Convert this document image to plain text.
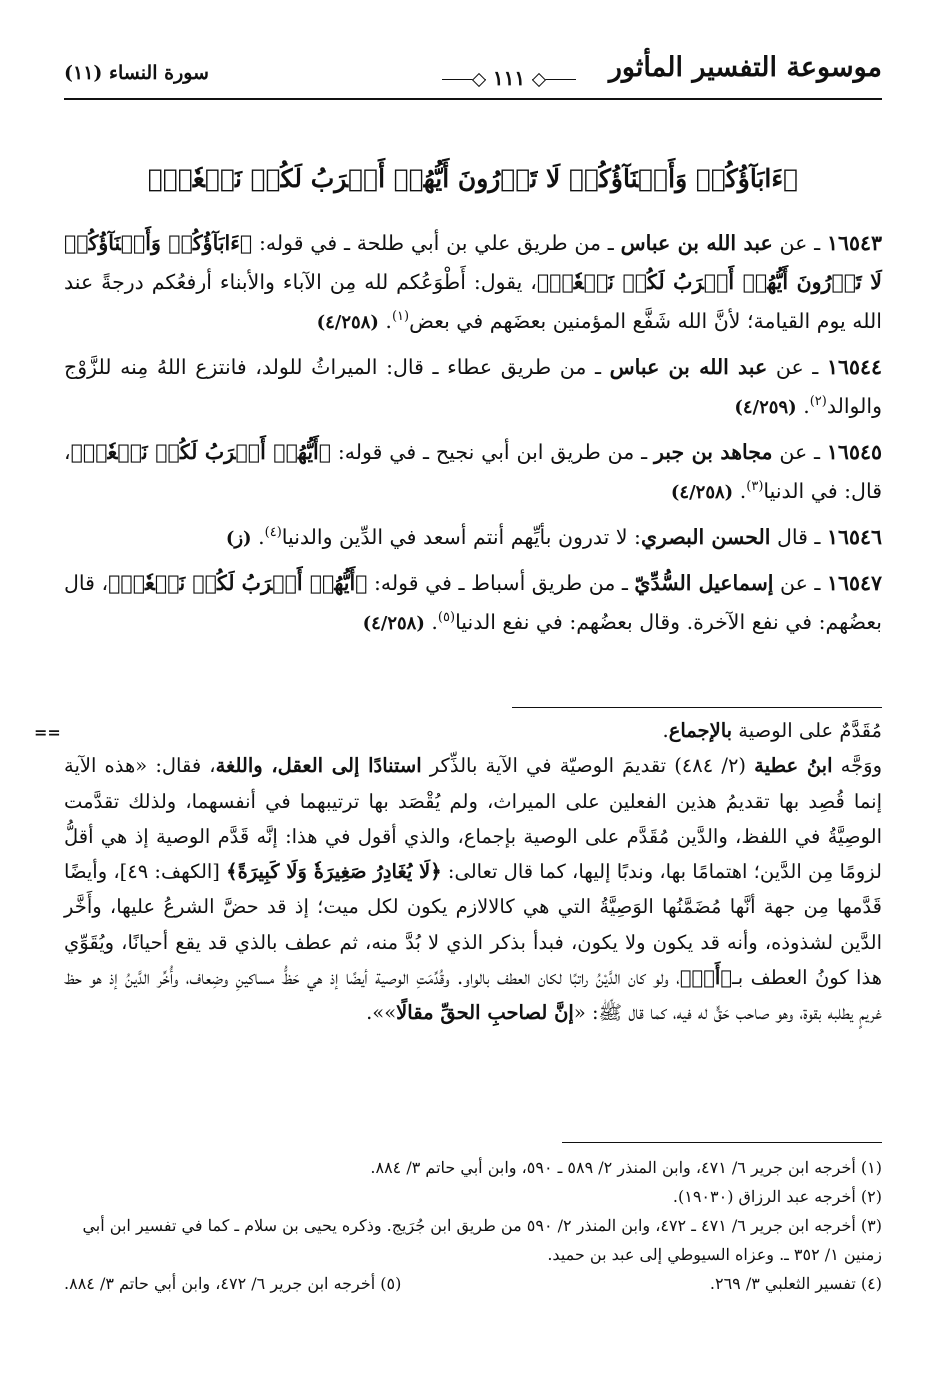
موسوعة التفسير المأثور
١١١
سورة النساء (١١)
﴿ءَابَآؤُكُمۡ وَأَبۡنَآؤُكُمۡ لَا تَدۡرُونَ أَيُّهُمۡ أَقۡرَبُ لَكُمۡ نَفۡعٗاۚ﴾

١٦٥٤٣ ـ عن عبد الله بن عباس ـ من طريق علي بن أبي طلحة ـ في قوله: ﴿ءَابَآؤُكُمۡ وَأَبۡنَآؤُكُمۡ لَا تَدۡرُونَ أَيُّهُمۡ أَقۡرَبُ لَكُمۡ نَفۡعٗاۚ﴾، يقول: أَطْوَعُكم لله مِن الآباء والأبناء أرفعُكم درجةً عند الله يوم القيامة؛ لأنَّ الله شَفَّع المؤمنين بعضَهم في بعض$^{(١)}$. (٤/٢٥٨)

١٦٥٤٤ ـ عن عبد الله بن عباس ـ من طريق عطاء ـ قال: الميراثُ للولد، فانتزع اللهُ مِنه للزَّوْج والوالد$^{(٢)}$. (٤/٢٥٩)

١٦٥٤٥ ـ عن مجاهد بن جبر ـ من طريق ابن أبي نجيح ـ في قوله: ﴿أَيُّهُمۡ أَقۡرَبُ لَكُمۡ نَفۡعٗاۚ﴾، قال: في الدنيا$^{(٣)}$. (٤/٢٥٨)

١٦٥٤٦ ـ قال الحسن البصري: لا تدرون بأيِّهم أنتم أسعد في الدِّين والدنيا$^{(٤)}$. (ز)

١٦٥٤٧ ـ عن إسماعيل السُّدِّيّ ـ من طريق أسباط ـ في قوله: ﴿أَيُّهُمۡ أَقۡرَبُ لَكُمۡ نَفۡعٗاۚ﴾، قال بعضُهم: في نفع الآخرة. وقال بعضُهم: في نفع الدنيا$^{(٥)}$. (٤/٢٥٨)

==	مُقَدَّمٌ على الوصية بالإجماع.

ووَجَّه ابنُ عطية (٢/ ٤٨٤) تقديمَ الوصيّة في الآية بالذِّكر استنادًا إلى العقل، واللغة، فقال: «هذه الآية إنما قُصِد بها تقديمُ هذين الفعلين على الميراث، ولم يُقْصَد بها ترتيبهما في أنفسهما، ولذلك تقدَّمت الوصِيَّةُ في اللفظ، والدَّين مُقَدَّم على الوصية بإجماع، والذي أقول في هذا: إنَّه قَدَّم الوصية إذ هي أقلُّ لزومًا مِن الدَّين؛ اهتمامًا بها، وندبًا إليها، كما قال تعالى: ﴿لَا يُغَادِرُ صَغِيرَةٗ وَلَا كَبِيرَةً﴾ [الكهف: ٤٩]، وأيضًا قَدَّمها مِن جهة أنَّها مُضَمَّنُها الوَصِيَّةُ التي هي كالالازم يكون لكل ميت؛ إذ قد حضَّ الشرعُ عليها، وأَخَّر الدَّين لشذوذه، وأنه قد يكون ولا يكون، فبدأ بذكر الذي لا بُدَّ منه، ثم عطف بالذي قد يقع أحيانًا، ويُقَوِّي هذا كونُ العطف بـ﴿أَوۡ﴾، ولو كان الدَّيْنُ راتبًا لكان العطف بالواو. وقُدِّمَتِ الوصية أيضًا إذ هي حَظُّ مساكينِ وضِعاف، وأُخِّر الدَّينُ إذ هو حظ غريمٍ يطلبه بقوة، وهو صاحب حَقٍّ له فيه، كما قال ﷺ: «إنَّ لصاحبِ الحقِّ مقالًا»».

(١) أخرجه ابن جرير ٦/ ٤٧١، وابن المنذر ٢/ ٥٨٩ ـ ٥٩٠، وابن أبي حاتم ٣/ ٨٨٤.

(٢) أخرجه عبد الرزاق (١٩٠٣٠).

(٣) أخرجه ابن جرير ٦/ ٤٧١ ـ ٤٧٢، وابن المنذر ٢/ ٥٩٠ من طريق ابن جُرَيج. وذكره يحيى بن سلام ـ كما في تفسير ابن أبي زمنين ١/ ٣٥٢ ـ. وعزاه السيوطي إلى عبد بن حميد.

(٤) تفسير الثعلبي ٣/ ٢٦٩.
(٥) أخرجه ابن جرير ٦/ ٤٧٢، وابن أبي حاتم ٣/ ٨٨٤.
